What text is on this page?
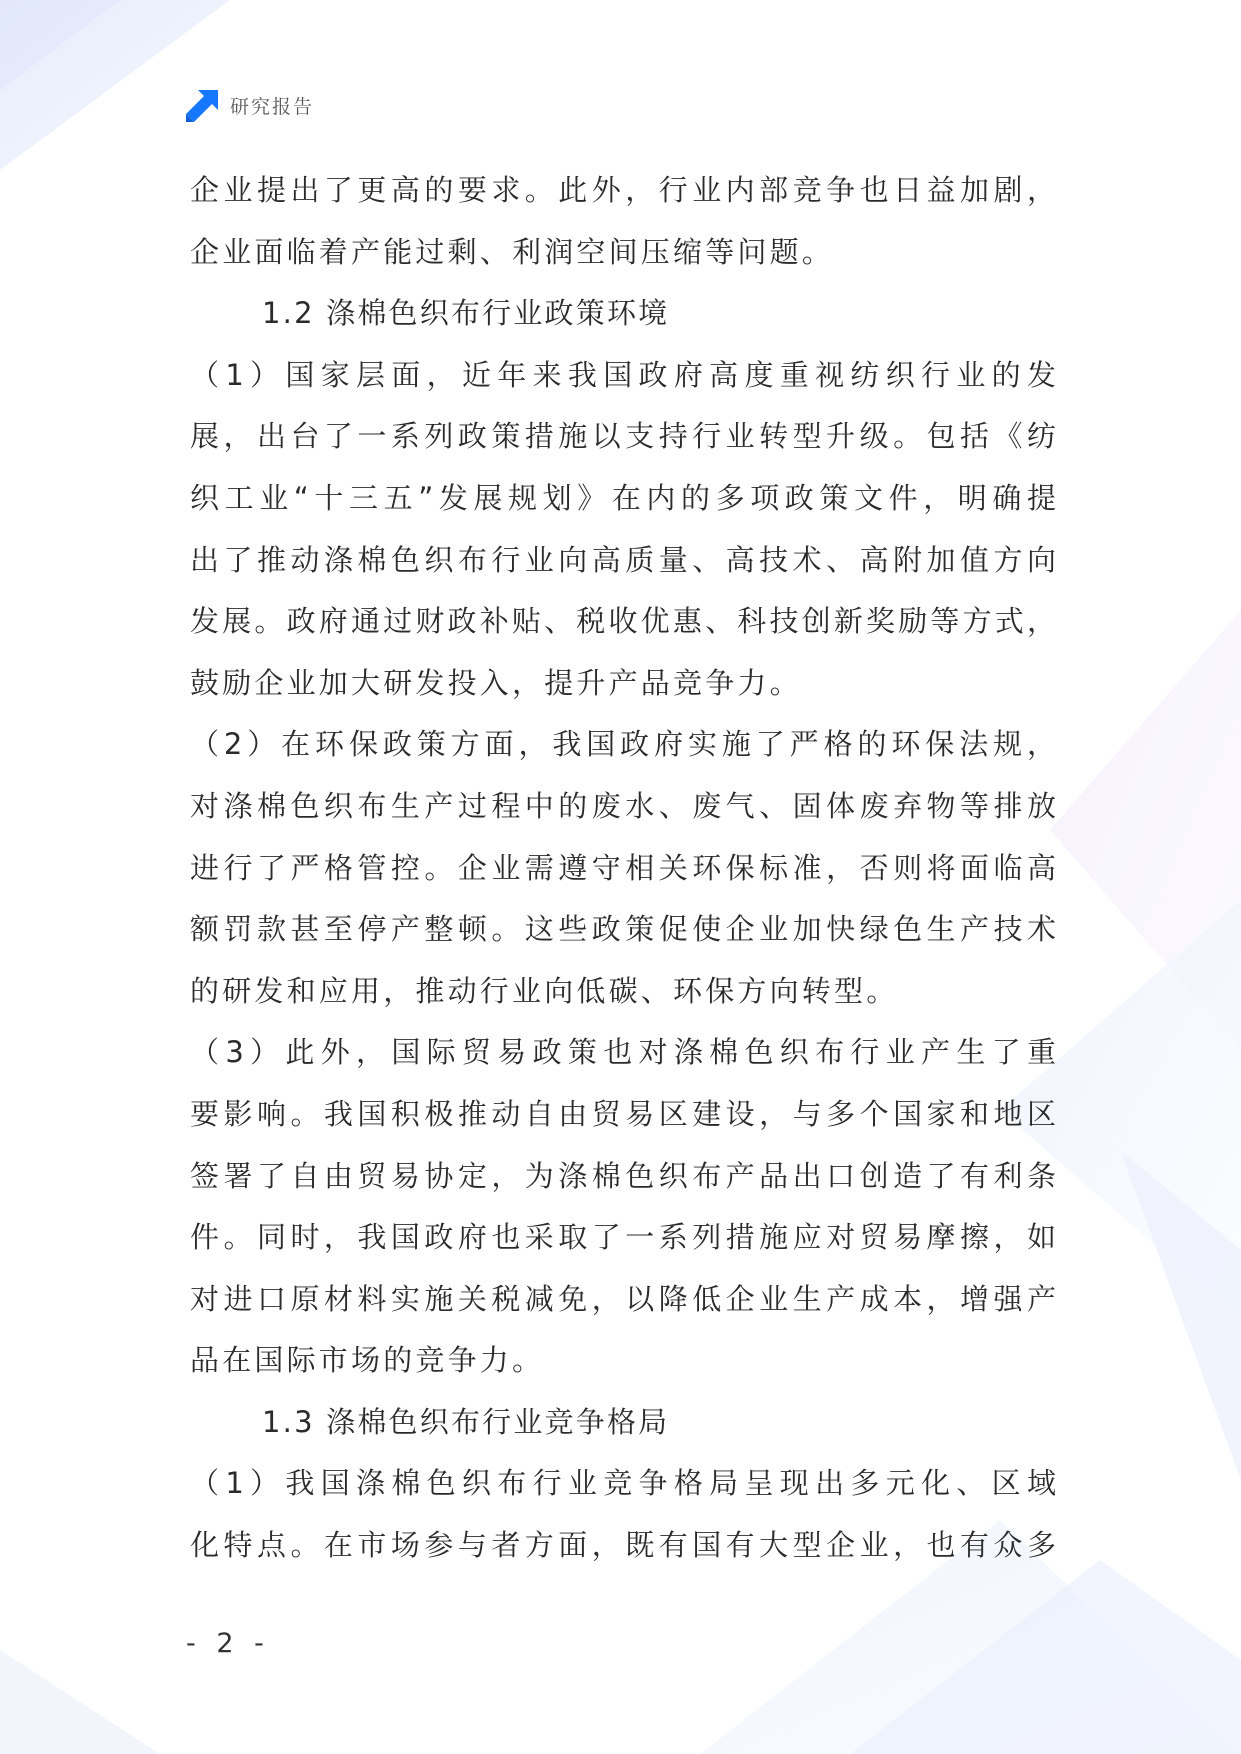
研究报告
企业提出了更高的要求。此外，行业内部竞争也日益加剧，
企业面临着产能过剩、利润空间压缩等问题。
1.2 涤棉色织布行业政策环境
（1）国家层面，近年来我国政府高度重视纺织行业的发
展，出台了一系列政策措施以支持行业转型升级。包括《纺
织工业“十三五”发展规划》在内的多项政策文件，明确提
出了推动涤棉色织布行业向高质量、高技术、高附加值方向
发展。政府通过财政补贴、税收优惠、科技创新奖励等方式，
鼓励企业加大研发投入，提升产品竞争力。
（2）在环保政策方面，我国政府实施了严格的环保法规，
对涤棉色织布生产过程中的废水、废气、固体废弃物等排放
进行了严格管控。企业需遵守相关环保标准，否则将面临高
额罚款甚至停产整顿。这些政策促使企业加快绿色生产技术
的研发和应用，推动行业向低碳、环保方向转型。
（3）此外，国际贸易政策也对涤棉色织布行业产生了重
要影响。我国积极推动自由贸易区建设，与多个国家和地区
签署了自由贸易协定，为涤棉色织布产品出口创造了有利条
件。同时，我国政府也采取了一系列措施应对贸易摩擦，如
对进口原材料实施关税减免，以降低企业生产成本，增强产
品在国际市场的竞争力。
1.3 涤棉色织布行业竞争格局
（1）我国涤棉色织布行业竞争格局呈现出多元化、区域
化特点。在市场参与者方面，既有国有大型企业，也有众多
- 2 -
